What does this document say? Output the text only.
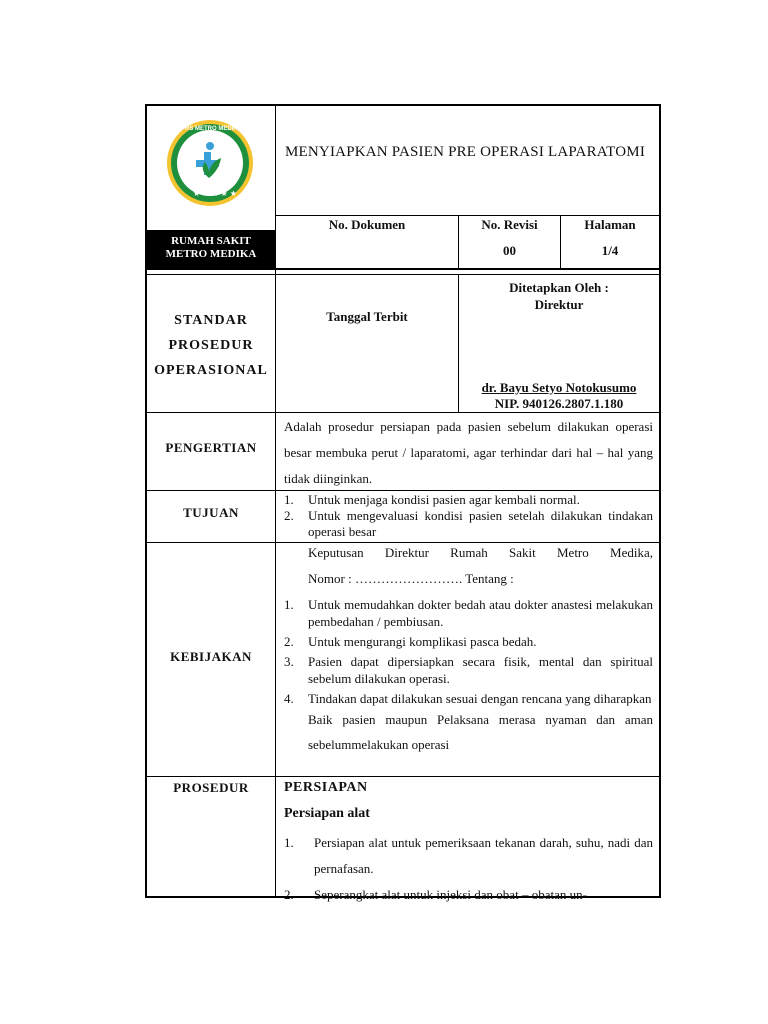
★ ★ ★ ★ ★
RS METRO MEDIKA
RUMAH SAKIT
METRO MEDIKA
MENYIAPKAN PASIEN PRE OPERASI LAPARATOMI
No. Dokumen	No. Revisi
00
Halaman
1/4
STANDAR
PROSEDUR
OPERASIONAL
Tanggal Terbit
Ditetapkan Oleh :
Direktur
dr. Bayu Setyo Notokusumo
NIP. 940126.2807.1.180
PENGERTIAN
Adalah prosedur persiapan pada pasien sebelum dilakukan operasi besar membuka perut / laparatomi, agar terhindar dari hal – hal yang tidak diinginkan.
TUJUAN
1. Untuk menjaga kondisi pasien agar kembali normal.
2. Untuk mengevaluasi kondisi pasien setelah dilakukan tindakan operasi besar
KEBIJAKAN
Keputusan Direktur Rumah Sakit Metro Medika,
Nomor : ……………………. Tentang :
1. Untuk memudahkan dokter bedah atau dokter anastesi melakukan pembedahan / pembiusan.
2. Untuk mengurangi komplikasi pasca bedah.
3. Pasien dapat dipersiapkan secara fisik, mental dan spiritual sebelum dilakukan operasi.
4. Tindakan dapat dilakukan sesuai dengan rencana yang diharapkan
Baik pasien maupun Pelaksana merasa nyaman dan aman sebelummelakukan operasi
PROSEDUR	PERSIAPAN
Persiapan alat
1. Persiapan alat untuk pemeriksaan tekanan darah, suhu, nadi dan pernafasan.
2. Seperangkat alat untuk injeksi dan obat – obatan un-
